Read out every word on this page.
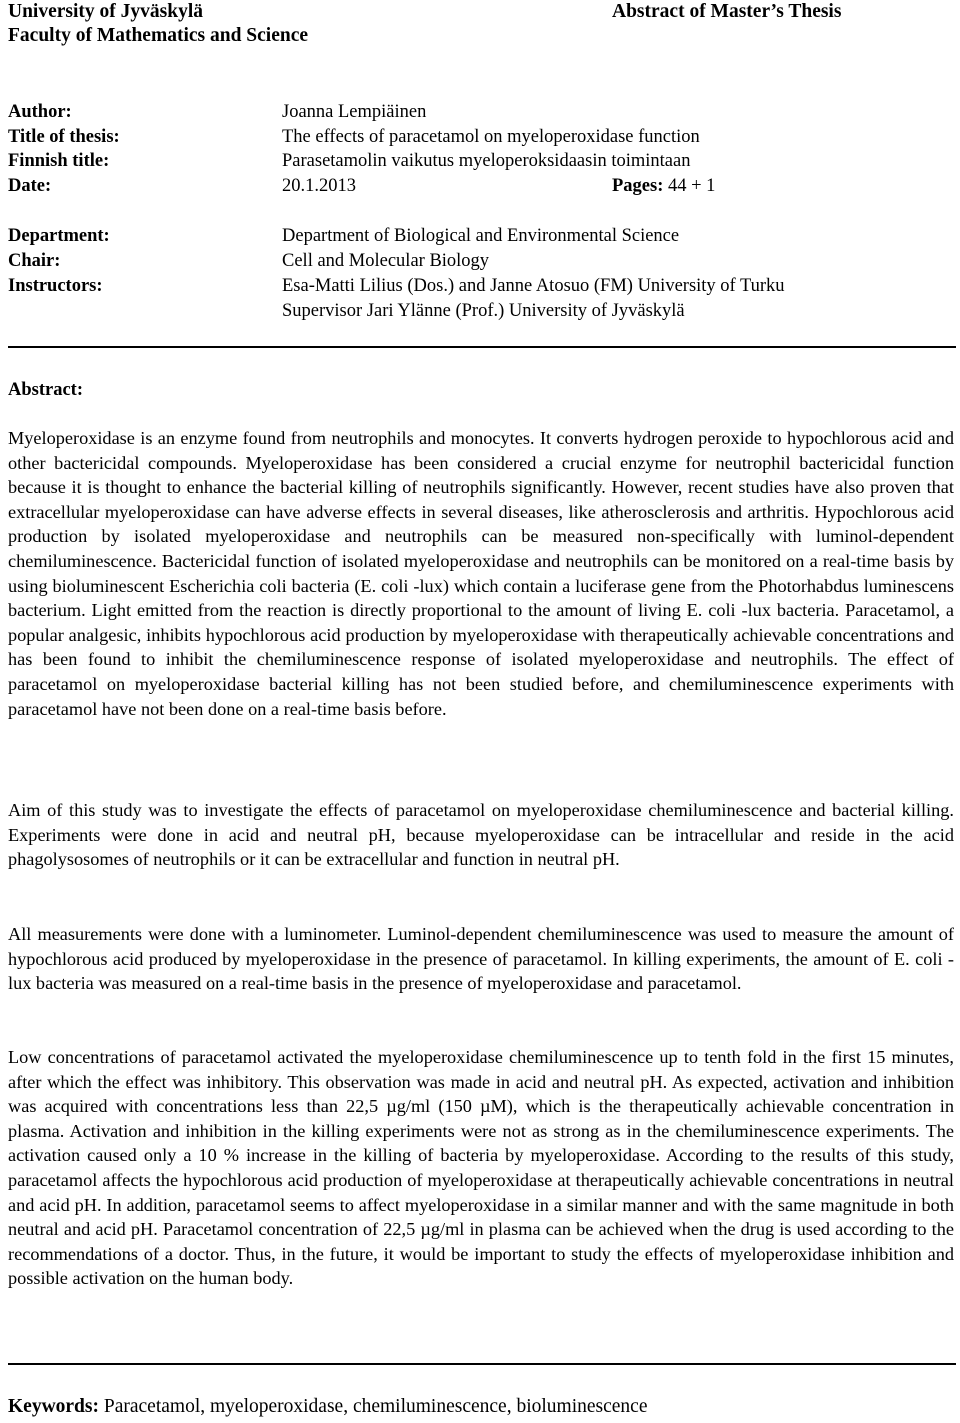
University of Jyväskylä
Faculty of Mathematics and Science
Abstract of Master’s Thesis
Author:
Title of thesis:
Finnish title:
Date:
Joanna Lempiäinen
The effects of paracetamol on myeloperoxidase function
Parasetamolin vaikutus myeloperoksidaasin toimintaan
20.1.2013	Pages: 44 + 1
Department:
Chair:
Instructors:
Department of Biological and Environmental Science
Cell and Molecular Biology
Esa-Matti Lilius (Dos.) and Janne Atosuo (FM) University of Turku
Supervisor Jari Ylänne (Prof.) University of Jyväskylä
Abstract:
Myeloperoxidase is an enzyme found from neutrophils and monocytes. It converts hydrogen peroxide to hypochlorous acid and other bactericidal compounds. Myeloperoxidase has been considered a crucial enzyme for neutrophil bactericidal function because it is thought to enhance the bacterial killing of neutrophils significantly. However, recent studies have also proven that extracellular myeloperoxidase can have adverse effects in several diseases, like atherosclerosis and arthritis. Hypochlorous acid production by isolated myeloperoxidase and neutrophils can be measured non-specifically with luminol-dependent chemiluminescence. Bactericidal function of isolated myeloperoxidase and neutrophils can be monitored on a real-time basis by using bioluminescent Escherichia coli bacteria (E. coli -lux) which contain a luciferase gene from the Photorhabdus luminescens bacterium. Light emitted from the reaction is directly proportional to the amount of living E. coli -lux bacteria. Paracetamol, a popular analgesic, inhibits hypochlorous acid production by myeloperoxidase with therapeutically achievable concentrations and has been found to inhibit the chemiluminescence response of isolated myeloperoxidase and neutrophils. The effect of paracetamol on myeloperoxidase bacterial killing has not been studied before, and chemiluminescence experiments with paracetamol have not been done on a real-time basis before.
Aim of this study was to investigate the effects of paracetamol on myeloperoxidase chemiluminescence and bacterial killing. Experiments were done in acid and neutral pH, because myeloperoxidase can be intracellular and reside in the acid phagolysosomes of neutrophils or it can be extracellular and function in neutral pH.
All measurements were done with a luminometer. Luminol-dependent chemiluminescence was used to measure the amount of hypochlorous acid produced by myeloperoxidase in the presence of paracetamol. In killing experiments, the amount of E. coli -lux bacteria was measured on a real-time basis in the presence of myeloperoxidase and paracetamol.
Low concentrations of paracetamol activated the myeloperoxidase chemiluminescence up to tenth fold in the first 15 minutes, after which the effect was inhibitory. This observation was made in acid and neutral pH. As expected, activation and inhibition was acquired with concentrations less than 22,5 µg/ml (150 µM), which is the therapeutically achievable concentration in plasma. Activation and inhibition in the killing experiments were not as strong as in the chemiluminescence experiments. The activation caused only a 10 % increase in the killing of bacteria by myeloperoxidase. According to the results of this study, paracetamol affects the hypochlorous acid production of myeloperoxidase at therapeutically achievable concentrations in neutral and acid pH. In addition, paracetamol seems to affect myeloperoxidase in a similar manner and with the same magnitude in both neutral and acid pH. Paracetamol concentration of 22,5 µg/ml in plasma can be achieved when the drug is used according to the recommendations of a doctor. Thus, in the future, it would be important to study the effects of myeloperoxidase inhibition and possible activation on the human body.
Keywords: Paracetamol, myeloperoxidase, chemiluminescence, bioluminescence
